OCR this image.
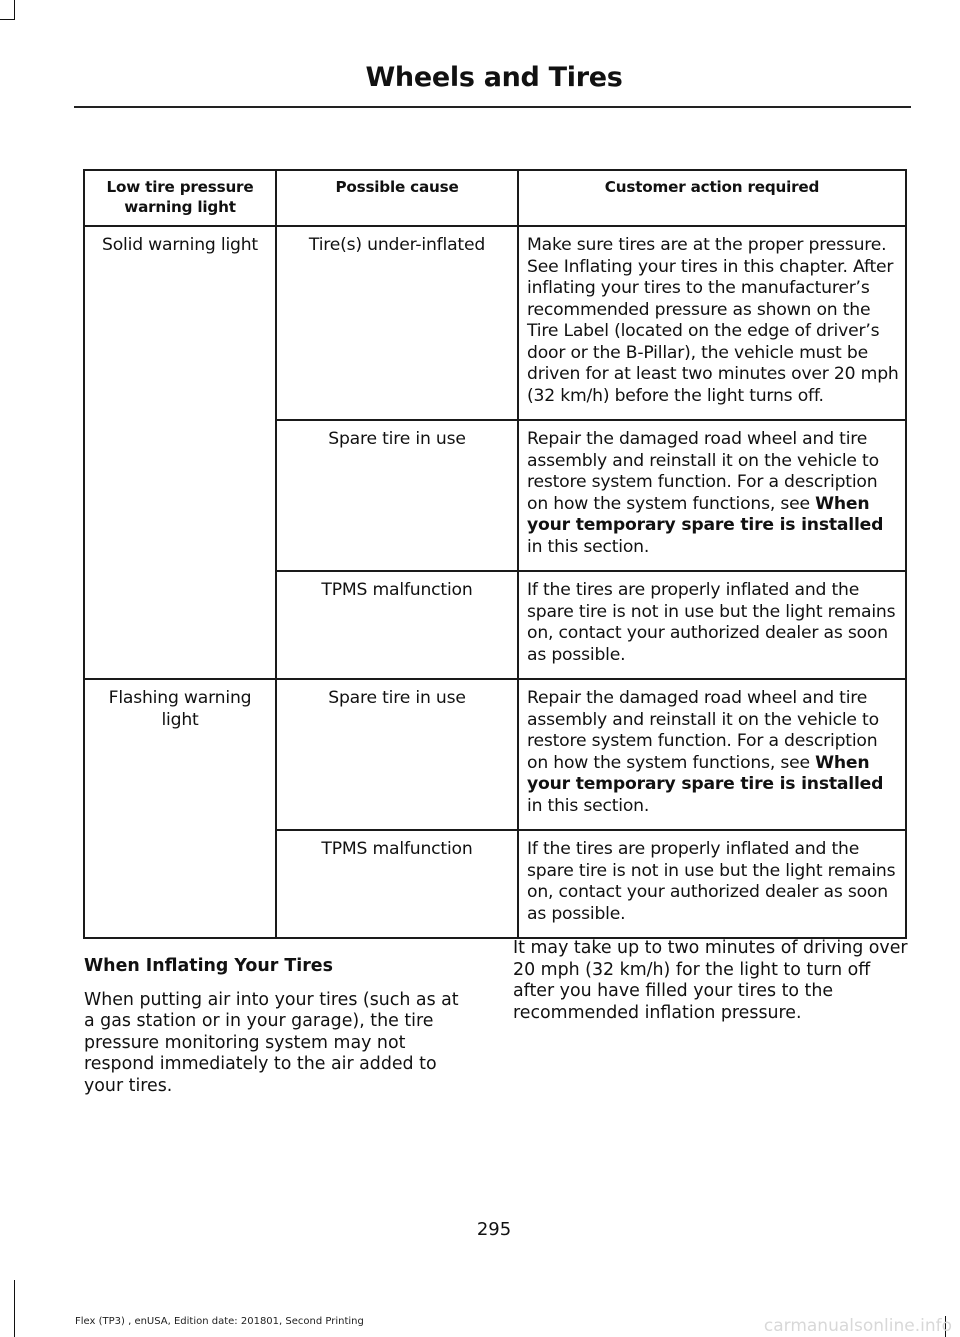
Wheels and Tires
Low tire pressure warning light	Possible cause	Customer action required
Solid warning light	Tire(s) under-inflated	Make sure tires are at the proper pressure. See Inflating your tires in this chapter. After inflating your tires to the manufacturer’s recommended pressure as shown on the Tire Label (located on the edge of driver’s door or the B-Pillar), the vehicle must be driven for at least two minutes over 20 mph (32 km/h) before the light turns off.
	Spare tire in use	Repair the damaged road wheel and tire assembly and reinstall it on the vehicle to restore system function. For a description on how the system functions, see When your temporary spare tire is installed in this section.
	TPMS malfunction	If the tires are properly inflated and the spare tire is not in use but the light remains on, contact your authorized dealer as soon as possible.
Flashing warning light	Spare tire in use	Repair the damaged road wheel and tire assembly and reinstall it on the vehicle to restore system function. For a description on how the system functions, see When your temporary spare tire is installed in this section.
	TPMS malfunction	If the tires are properly inflated and the spare tire is not in use but the light remains on, contact your authorized dealer as soon as possible.

When Inflating Your Tires

When putting air into your tires (such as at a gas station or in your garage), the tire pressure monitoring system may not respond immediately to the air added to your tires.

It may take up to two minutes of driving over 20 mph (32 km/h) for the light to turn off after you have filled your tires to the recommended inflation pressure.

295
Flex (TP3) , enUSA, Edition date: 201801, Second Printing	carmanualsonline.info
